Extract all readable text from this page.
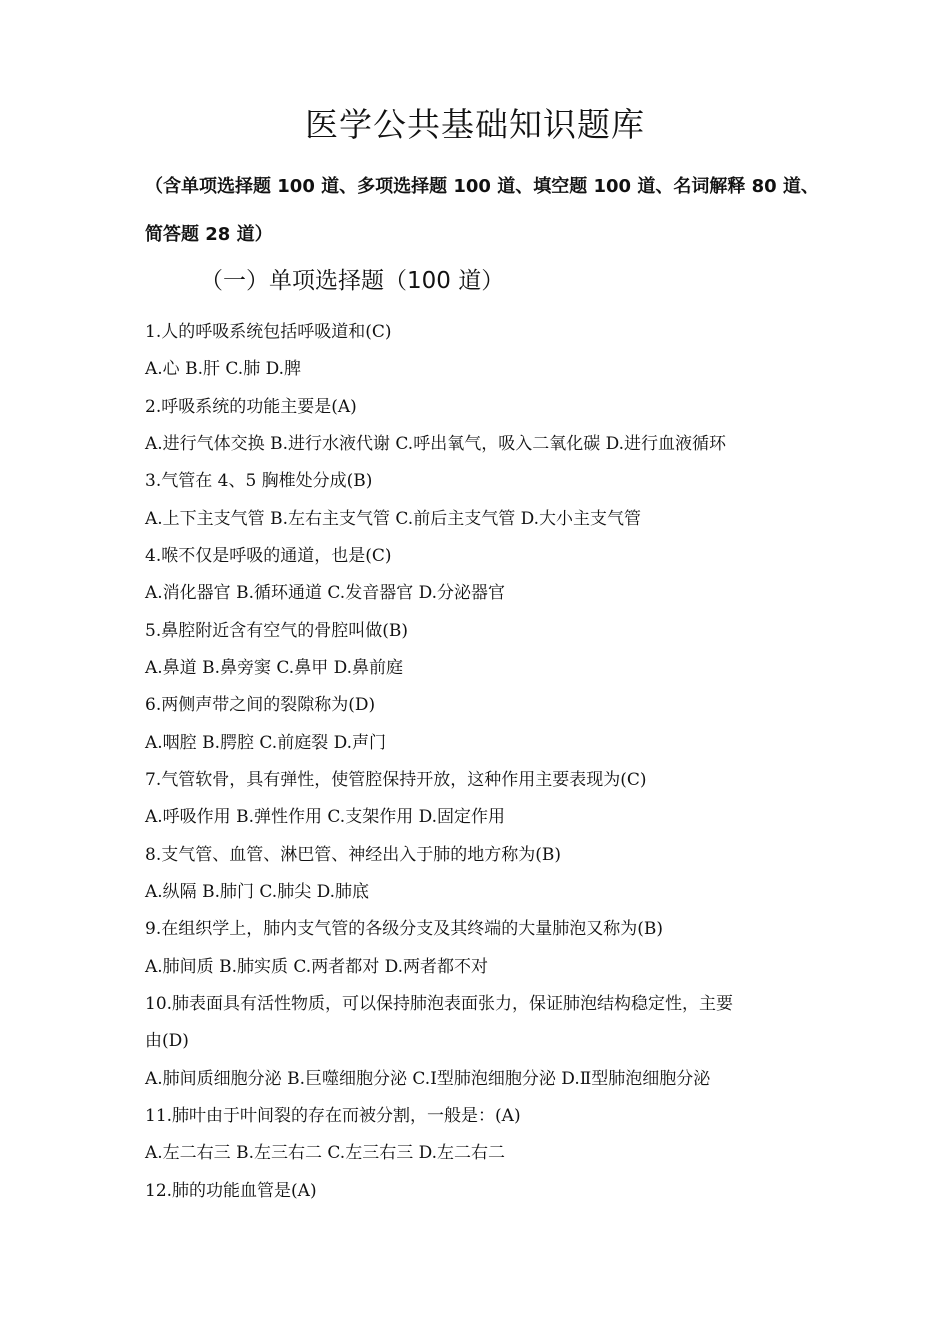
医学公共基础知识题库

（含单项选择题 100 道、多项选择题 100 道、填空题 100 道、名词解释 80 道、

简答题 28 道）

（一）单项选择题（100 道）

1.人的呼吸系统包括呼吸道和(C)

A.心 B.肝 C.肺 D.脾

2.呼吸系统的功能主要是(A)

A.进行气体交换 B.进行水液代谢 C.呼出氧气，吸入二氧化碳 D.进行血液循环

3.气管在 4、5 胸椎处分成(B)

A.上下主支气管 B.左右主支气管 C.前后主支气管 D.大小主支气管

4.喉不仅是呼吸的通道，也是(C)

A.消化器官 B.循环通道 C.发音器官 D.分泌器官

5.鼻腔附近含有空气的骨腔叫做(B)

A.鼻道 B.鼻旁窦 C.鼻甲 D.鼻前庭

6.两侧声带之间的裂隙称为(D)

A.咽腔 B.腭腔 C.前庭裂 D.声门

7.气管软骨，具有弹性，使管腔保持开放，这种作用主要表现为(C)

A.呼吸作用 B.弹性作用 C.支架作用 D.固定作用

8.支气管、血管、淋巴管、神经出入于肺的地方称为(B)

A.纵隔 B.肺门 C.肺尖 D.肺底

9.在组织学上，肺内支气管的各级分支及其终端的大量肺泡又称为(B)

A.肺间质 B.肺实质 C.两者都对 D.两者都不对

10.肺表面具有活性物质，可以保持肺泡表面张力，保证肺泡结构稳定性，主要

由(D)

A.肺间质细胞分泌 B.巨噬细胞分泌 C.Ⅰ型肺泡细胞分泌 D.Ⅱ型肺泡细胞分泌

11.肺叶由于叶间裂的存在而被分割，一般是：(A)

A.左二右三 B.左三右二 C.左三右三 D.左二右二

12.肺的功能血管是(A)
